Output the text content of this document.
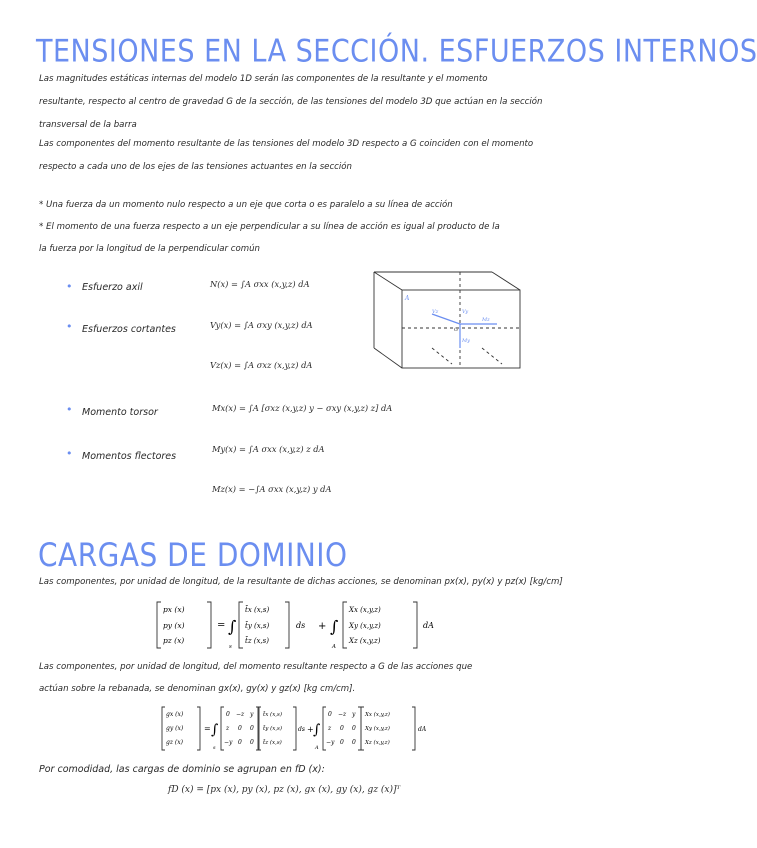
TENSIONES EN LA SECCIÓN. ESFUERZOS INTERNOS
Las magnitudes estáticas internas del modelo 1D serán las componentes de la resultante y el momento
resultante, respecto al centro de gravedad G de la sección, de las tensiones del modelo 3D que actúan en la sección
transversal de la barra
Las componentes del momento resultante de las tensiones del modelo 3D respecto a G coinciden con el momento
respecto a cada uno de los ejes de las tensiones actuantes en la sección
* Una fuerza da un momento nulo respecto a un eje que corta o es paralelo a su línea de acción
* El momento de una fuerza respecto a un eje perpendicular a su línea de acción es igual al producto de la
la fuerza por la longitud de la perpendicular común
• Esfuerzo axil	N(x) = ∫A σxx (x,y,z) dA
• Esfuerzos cortantes	Vy(x) = ∫A σxy (x,y,z) dA
Vz(x) = ∫A σxz (x,y,z) dA
• Momento torsor	Mx(x) = ∫A [σxz (x,y,z) y − σxy (x,y,z) z] dA
• Momentos flectores
My(x) = ∫A σxx (x,y,z) z dA
Mz(x) = −∫A σxx (x,y,z) y dA
A
Vz
Mz
Vy
My
G
CARGAS DE DOMINIO
Las componentes, por unidad de longitud, de la resultante de dichas acciones, se denominan px(x), py(x) y pz(x) [kg/cm]
px (x)
py (x)
pz (x)
= ∫
s
t̄x (x,s)
t̄y (x,s)
t̄z (x,s)
ds + ∫
A
Xx (x,y,z)
Xy (x,y,z)
Xz (x,y,z)
dA
Las componentes, por unidad de longitud, del momento resultante respecto a G de las acciones que
actúan sobre la rebanada, se denominan gx(x), gy(x) y gz(x) [kg cm/cm].
gx (x)
gy (x)
gz (x)
= ∫
s
0 −z y
z 0 0
−y 0 0
t̄x (x,s)
t̄y (x,s)
t̄z (x,s)
ds + ∫
A
0 −z y
z 0 0
−y 0 0
Xx (x,y,z)
Xy (x,y,z)
Xz (x,y,z)
dA
Por comodidad, las cargas de dominio se agrupan en fD (x):
fD (x) = [px (x), py (x), pz (x), gx (x), gy (x), gz (x)]ᵀ
